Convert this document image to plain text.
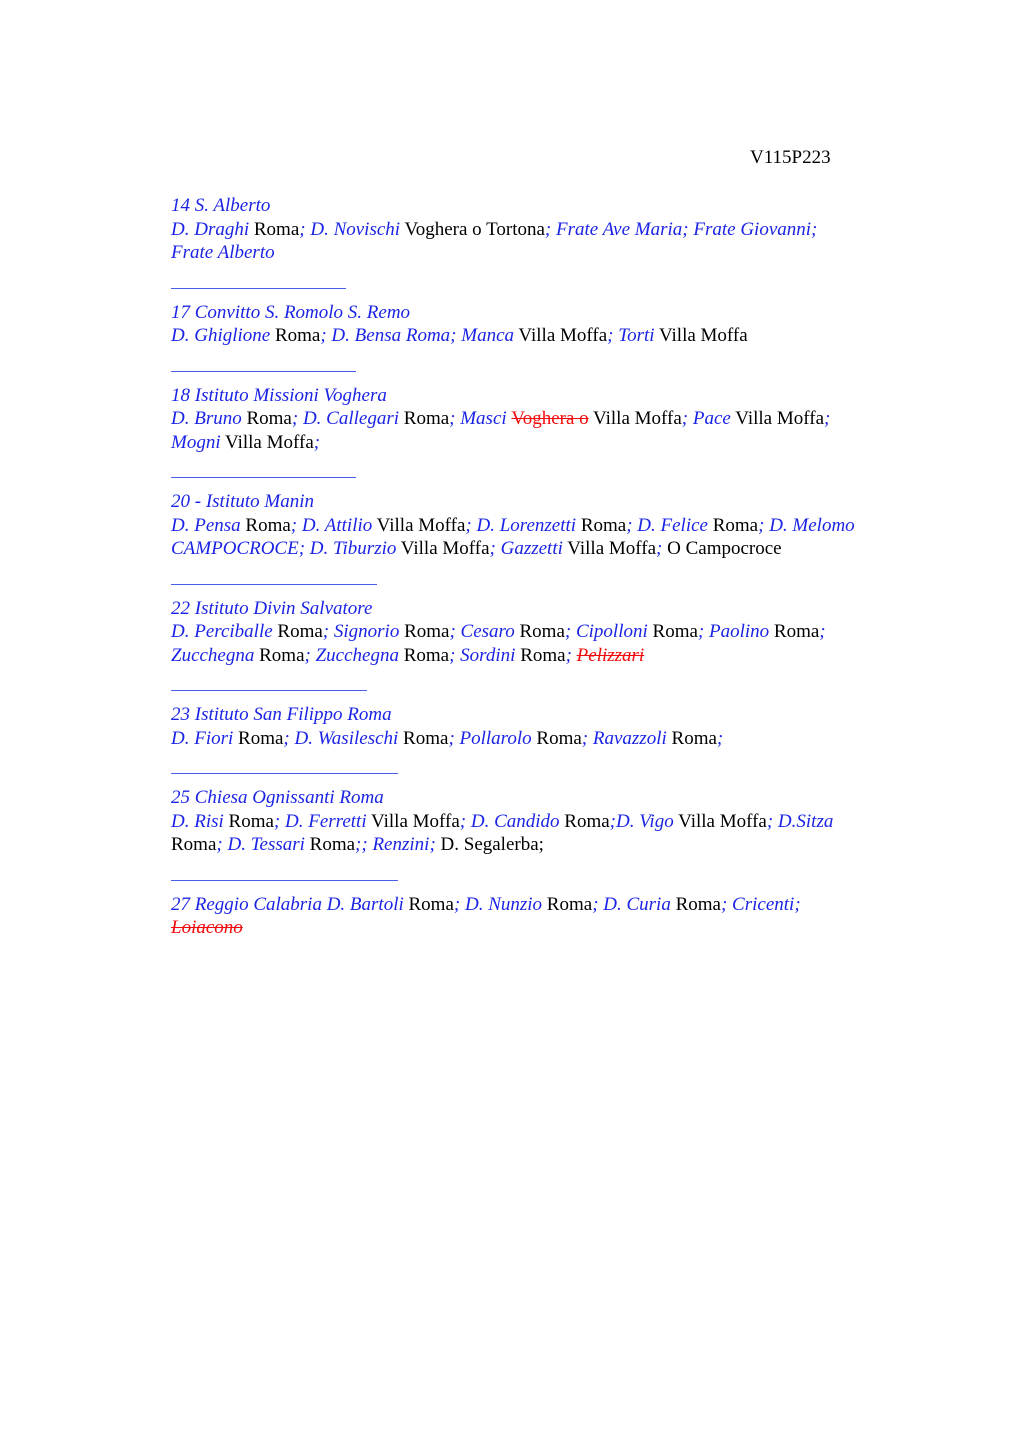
V115P223
14 S. Alberto
D. Draghi Roma; D. Novischi Voghera o Tortona; Frate Ave Maria; Frate Giovanni;
Frate Alberto
17 Convitto S. Romolo S. Remo
D. Ghiglione Roma; D. Bensa Roma; Manca Villa Moffa; Torti Villa Moffa
18 Istituto Missioni Voghera
D. Bruno Roma; D. Callegari Roma; Masci Voghera o Villa Moffa; Pace Villa Moffa;
Mogni Villa Moffa;
20 - Istituto Manin
D. Pensa Roma; D. Attilio Villa Moffa; D. Lorenzetti Roma; D. Felice Roma; D. Melomo
CAMPOCROCE; D. Tiburzio Villa Moffa; Gazzetti Villa Moffa; O Campocroce
22 Istituto Divin Salvatore
D. Perciballe Roma; Signorio Roma; Cesaro Roma; Cipolloni Roma; Paolino Roma;
Zucchegna Roma; Zucchegna Roma; Sordini Roma; Pelizzari
23 Istituto San Filippo Roma
D. Fiori Roma; D. Wasileschi Roma; Pollarolo Roma; Ravazzoli Roma;
25 Chiesa Ognissanti Roma
D. Risi Roma; D. Ferretti Villa Moffa; D. Candido Roma;D. Vigo Villa Moffa; D.Sitza
Roma; D. Tessari Roma;; Renzini; D. Segalerba;
27 Reggio Calabria D. Bartoli Roma; D. Nunzio Roma; D. Curia Roma; Cricenti;
Loiacono
